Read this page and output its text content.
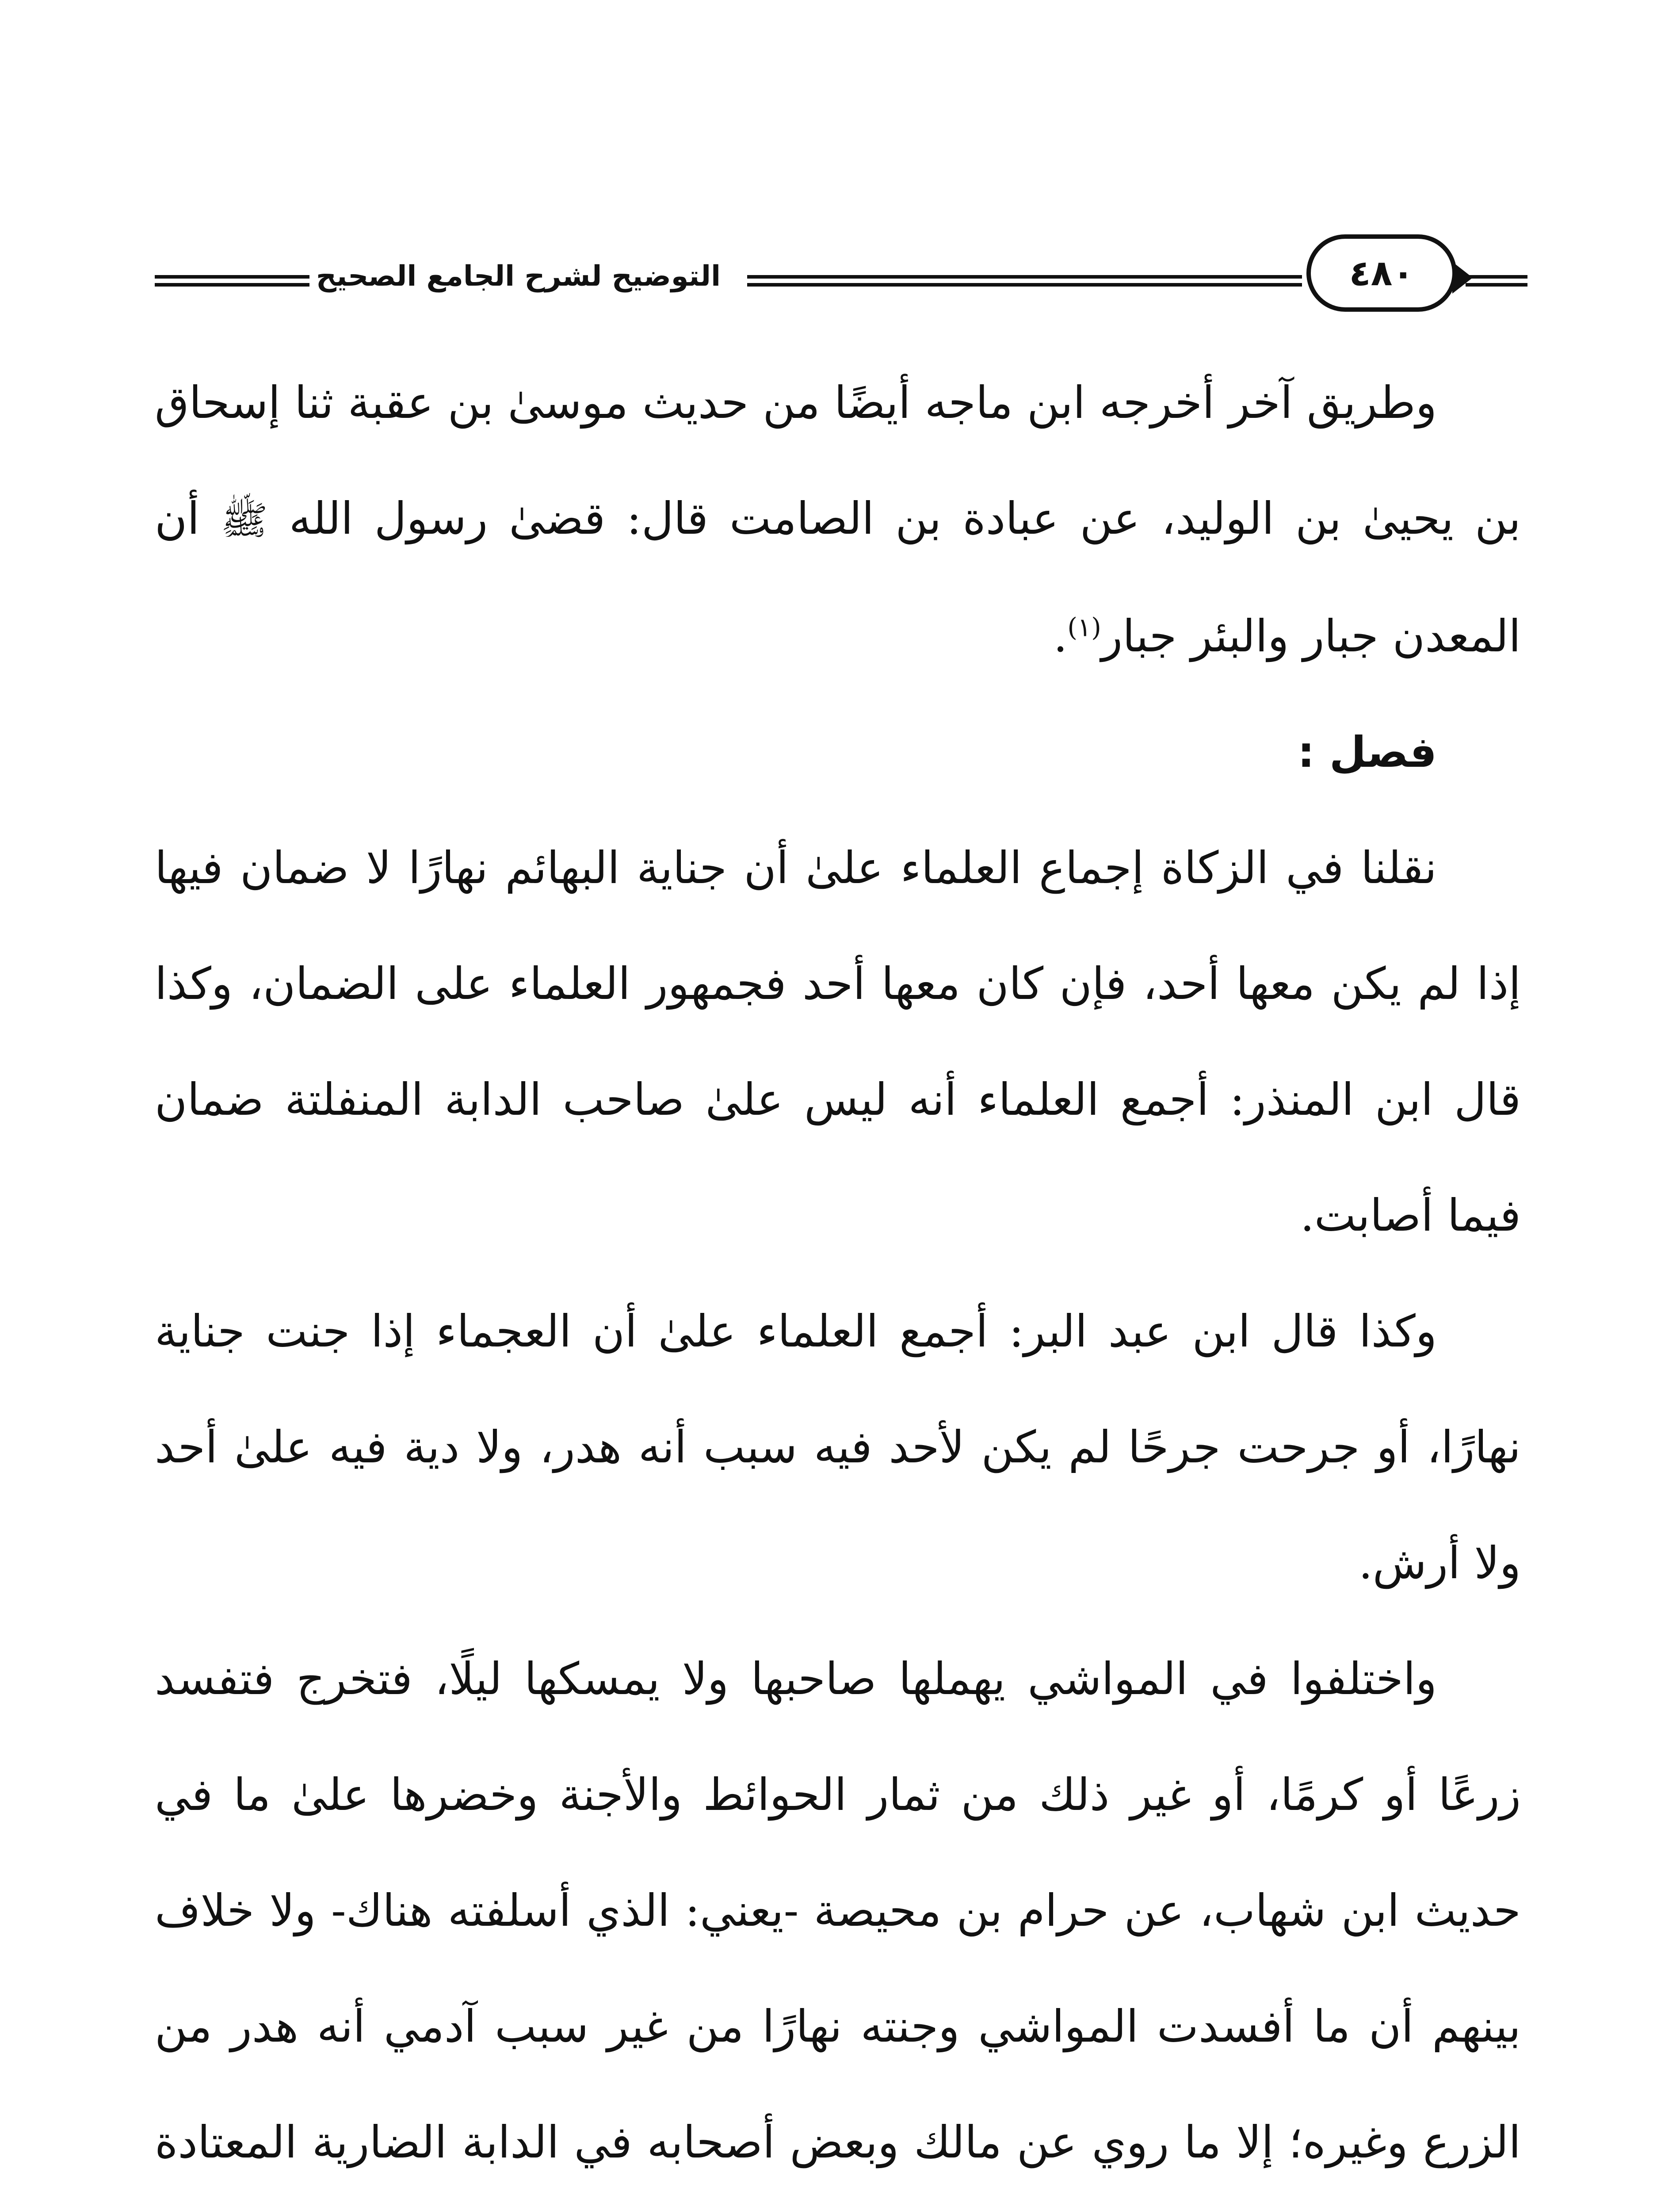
التوضيح لشرح الجامع الصحيح	٤٨٠

وطريق آخر أخرجه ابن ماجه أيضًا من حديث موسىٰ بن عقبة ثنا إسحاق بن يحيىٰ بن الوليد، عن عبادة بن الصامت قال: قضىٰ رسول الله ﷺ أن المعدن جبار والبئر جبار$^{(١)}$.

فصل :

نقلنا في الزكاة إجماع العلماء علىٰ أن جناية البهائم نهارًا لا ضمان فيها إذا لم يكن معها أحد، فإن كان معها أحد فجمهور العلماء على الضمان، وكذا قال ابن المنذر: أجمع العلماء أنه ليس علىٰ صاحب الدابة المنفلتة ضمان فيما أصابت.

وكذا قال ابن عبد البر: أجمع العلماء علىٰ أن العجماء إذا جنت جناية نهارًا، أو جرحت جرحًا لم يكن لأحد فيه سبب أنه هدر، ولا دية فيه علىٰ أحد ولا أرش.

واختلفوا في المواشي يهملها صاحبها ولا يمسكها ليلًا، فتخرج فتفسد زرعًا أو كرمًا، أو غير ذلك من ثمار الحوائط والأجنة وخضرها علىٰ ما في حديث ابن شهاب، عن حرام بن محيصة -يعني: الذي أسلفته هناك- ولا خلاف بينهم أن ما أفسدت المواشي وجنته نهارًا من غير سبب آدمي أنه هدر من الزرع وغيره؛ إلا ما روي عن مالك وبعض أصحابه في الدابة الضارية المعتادة
